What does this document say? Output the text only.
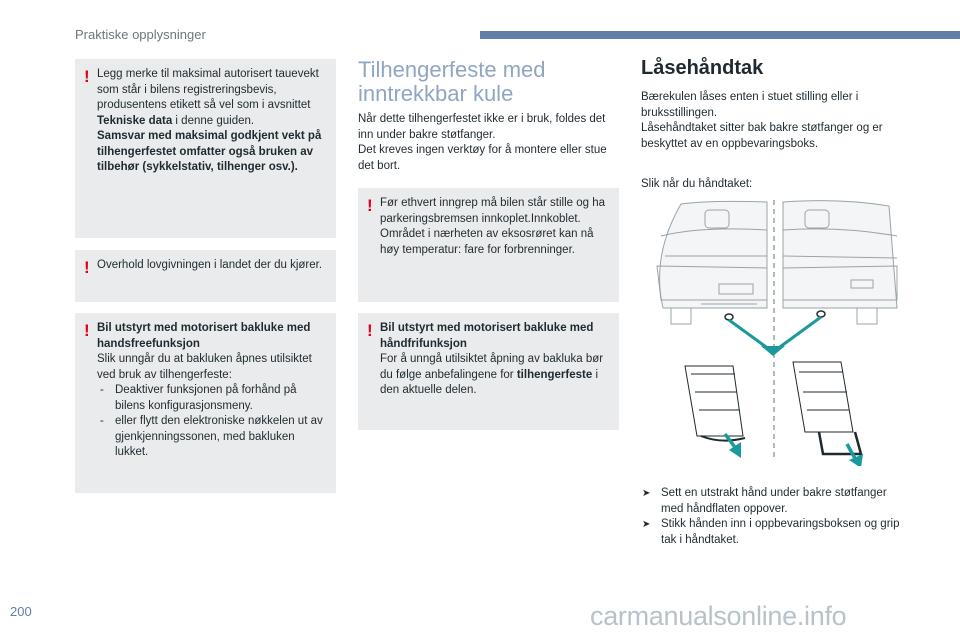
Praktiske opplysninger
! Legg merke til maksimal autorisert tauevekt som står i bilens registreringsbevis, produsentens etikett så vel som i avsnittet Tekniske data i denne guiden.

Samsvar med maksimal godkjent vekt på tilhengerfestet omfatter også bruken av tilbehør (sykkelstativ, tilhenger osv.).

! Overhold lovgivningen i landet der du kjører.

! Bil utstyrt med motorisert bakluke med handsfreefunksjon

Slik unngår du at bakluken åpnes utilsiktet ved bruk av tilhengerfeste:

- Deaktiver funksjonen på forhånd på bilens konfigurasjonsmeny.
- eller flytt den elektroniske nøkkelen ut av gjenkjenningssonen, med bakluken lukket.
Tilhengerfeste med
inntrekkbar kule

Når dette tilhengerfestet ikke er i bruk, foldes det inn under bakre støtfanger.

Det kreves ingen verktøy for å montere eller stue det bort.

! Før ethvert inngrep må bilen står stille og ha parkeringsbremsen innkoplet.Innkoblet. Området i nærheten av eksosrøret kan nå høy temperatur: fare for forbrenninger.

! Bil utstyrt med motorisert bakluke med håndfrifunksjon

For å unngå utilsiktet åpning av bakluka bør du følge anbefalingene for tilhengerfeste i den aktuelle delen.

Låsehåndtak

Bærekulen låses enten i stuet stilling eller i bruksstillingen.

Låsehåndtaket sitter bak bakre støtfanger og er beskyttet av en oppbevaringsboks.

Slik når du håndtaket:
➤ Sett en utstrakt hånd under bakre støtfanger med håndflaten oppover.
➤ Stikk hånden inn i oppbevaringsboksen og grip tak i håndtaket.
200	carmanualsonline.info
